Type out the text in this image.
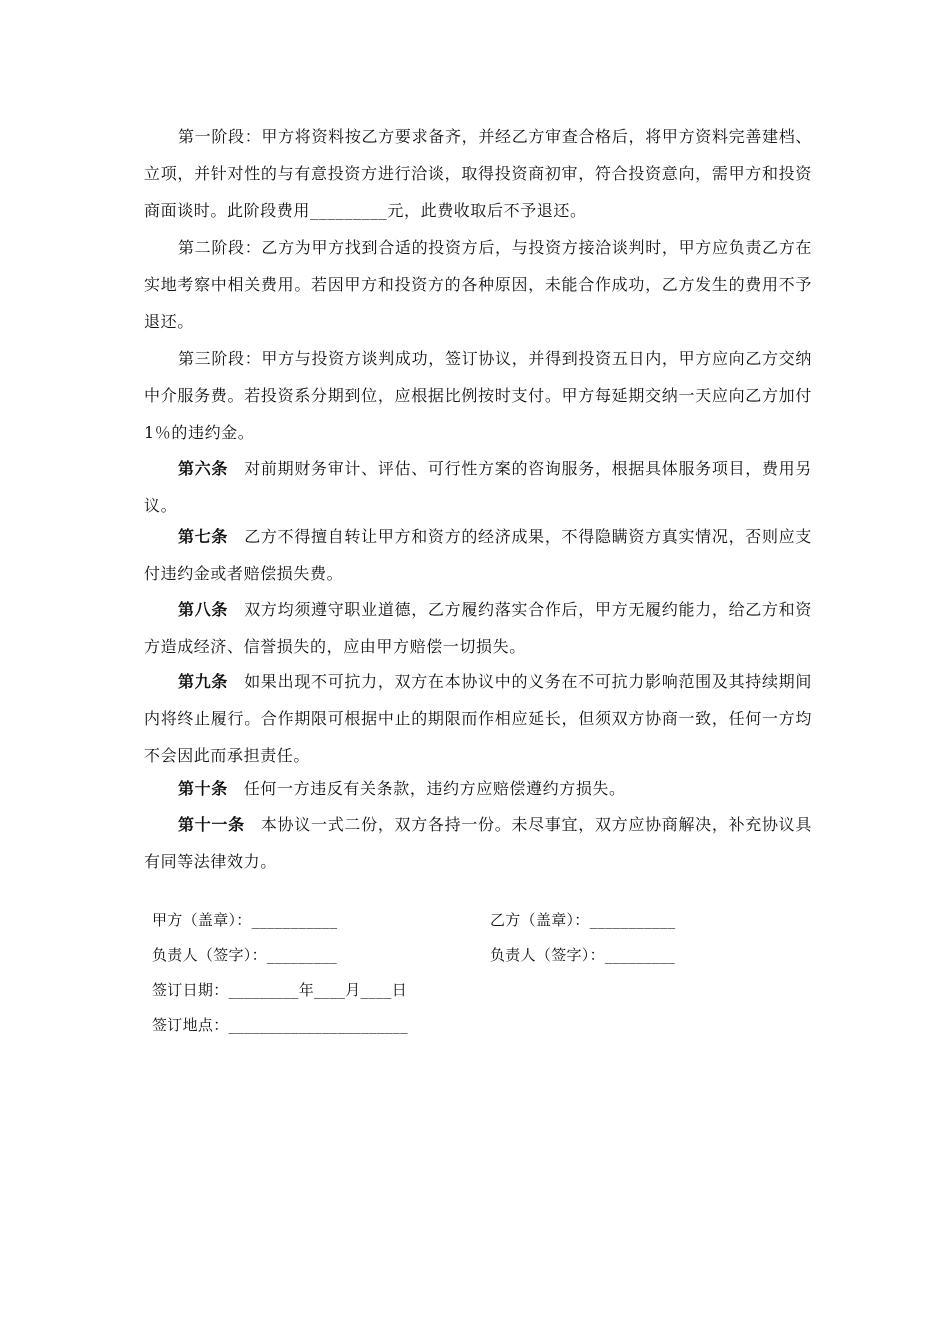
第一阶段：甲方将资料按乙方要求备齐，并经乙方审查合格后，将甲方资料完善建档、立项，并针对性的与有意投资方进行洽谈，取得投资商初审，符合投资意向，需甲方和投资商面谈时。此阶段费用_________元，此费收取后不予退还。

第二阶段：乙方为甲方找到合适的投资方后，与投资方接洽谈判时，甲方应负责乙方在实地考察中相关费用。若因甲方和投资方的各种原因，未能合作成功，乙方发生的费用不予退还。

第三阶段：甲方与投资方谈判成功，签订协议，并得到投资五日内，甲方应向乙方交纳中介服务费。若投资系分期到位，应根据比例按时支付。甲方每延期交纳一天应向乙方加付 1％的违约金。

第六条 对前期财务审计、评估、可行性方案的咨询服务，根据具体服务项目，费用另议。

第七条 乙方不得擅自转让甲方和资方的经济成果，不得隐瞒资方真实情况，否则应支付违约金或者赔偿损失费。

第八条 双方均须遵守职业道德，乙方履约落实合作后，甲方无履约能力，给乙方和资方造成经济、信誉损失的，应由甲方赔偿一切损失。

第九条 如果出现不可抗力，双方在本协议中的义务在不可抗力影响范围及其持续期间内将终止履行。合作期限可根据中止的期限而作相应延长，但须双方协商一致，任何一方均不会因此而承担责任。

第十条 任何一方违反有关条款，违约方应赔偿遵约方损失。

第十一条 本协议一式二份，双方各持一份。未尽事宜，双方应协商解决，补充协议具有同等法律效力。

甲方（盖章）：___________	乙方（盖章）：___________
负责人（签字）：_________	负责人（签字）：_________
签订日期：_________年____月____日
签订地点：_______________________
